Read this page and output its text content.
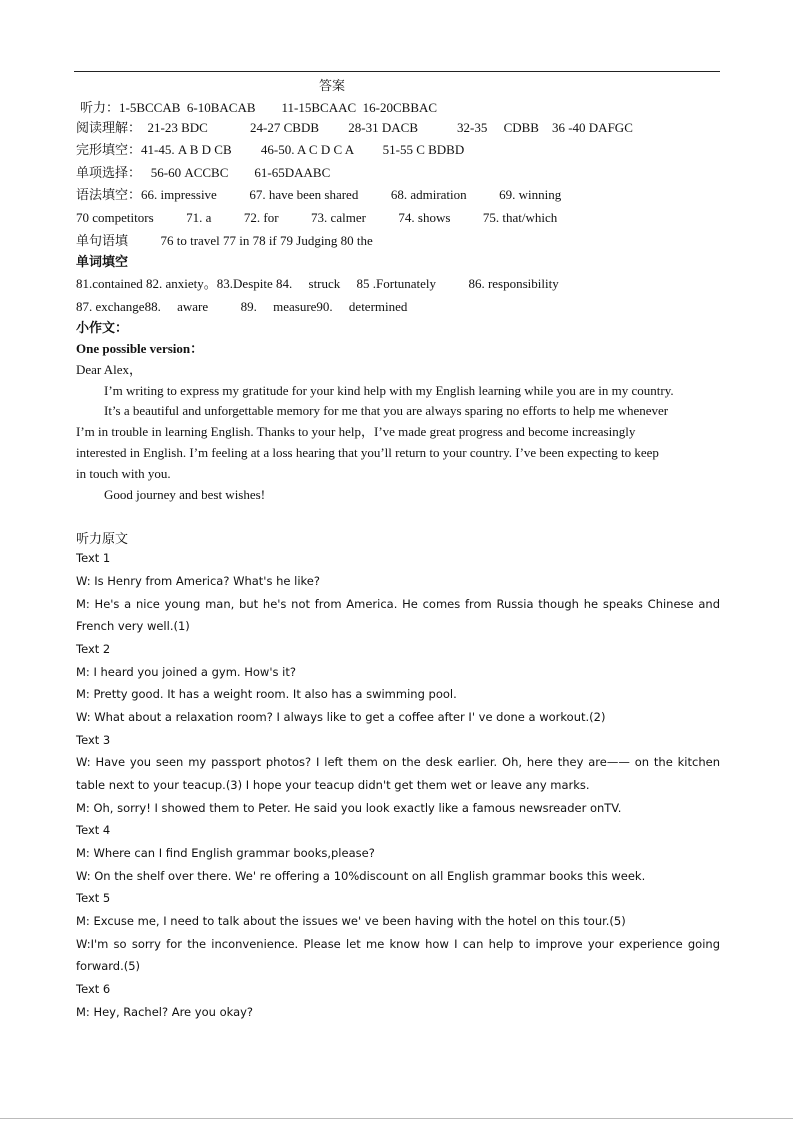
答案
听力：1-5BCCAB  6-10BACAB        11-15BCAAC  16-20CBBAC
阅读理解：  21-23 BDC             24-27 CBDB         28-31 DACB            32-35     CDBB    36 -40 DAFGC
完形填空：41-45. A B D CB         46-50. A C D C A         51-55 C BDBD
单项选择：   56-60 ACCBC        61-65DAABC
语法填空：66. impressive          67. have been shared          68. admiration          69. winning
70 competitors          71. a          72. for          73. calmer          74. shows          75. that/which
单句语填          76 to travel 77 in 78 if 79 Judging 80 the
单词填空
81.contained 82. anxiety。83.Despite 84.     struck     85 .Fortunately          86. responsibility
87. exchange88.     aware          89.     measure90.     determined
小作文：
One possible version：
Dear Alex，
I’m writing to express my gratitude for your kind help with my English learning while you are in my country.
It’s a beautiful and unforgettable memory for me that you are always sparing no efforts to help me whenever
I’m in trouble in learning English. Thanks to your help，I’ve made great progress and become increasingly
interested in English. I’m feeling at a loss hearing that you’ll return to your country. I’ve been expecting to keep
in touch with you.
Good journey and best wishes!
听力原文
Text 1
W: Is Henry from America? What's he like?
M: He's a nice young man, but he's not from America. He comes from Russia though he speaks Chinese and
French very well.(1)
Text 2
M: I heard you joined a gym. How's it?
M: Pretty good. It has a weight room. It also has a swimming pool.
W: What about a relaxation room? I always like to get a coffee after I' ve done a workout.(2)
Text 3
W: Have you seen my passport photos? I left them on the desk earlier. Oh, here they are—— on the kitchen
table next to your teacup.(3) I hope your teacup didn't get them wet or leave any marks.
M: Oh, sorry! I showed them to Peter. He said you look exactly like a famous newsreader onTV.
Text 4
M: Where can I find English grammar books,please?
W: On the shelf over there. We' re offering a 10%discount on all English grammar books this week.
Text 5
M: Excuse me, I need to talk about the issues we' ve been having with the hotel on this tour.(5)
W:I'm so sorry for the inconvenience. Please let me know how I can help to improve your experience going
forward.(5)
Text 6
M: Hey, Rachel? Are you okay?
